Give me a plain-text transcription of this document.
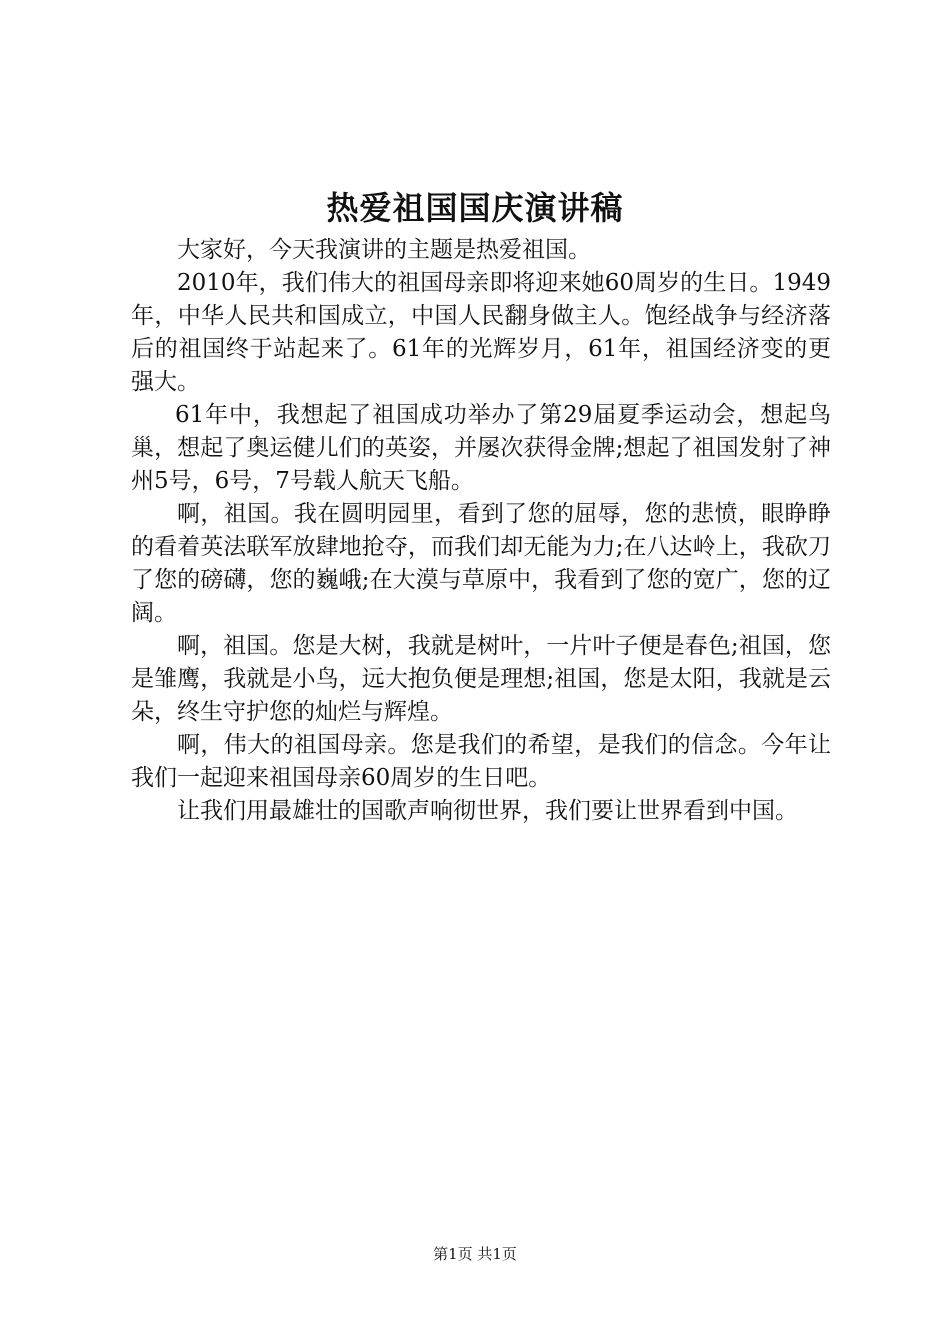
热爱祖国国庆演讲稿

大家好，今天我演讲的主题是热爱祖国。

2010年，我们伟大的祖国母亲即将迎来她60周岁的生日。1949年，中华人民共和国成立，中国人民翻身做主人。饱经战争与经济落后的祖国终于站起来了。61年的光辉岁月，61年，祖国经济变的更强大。

61年中，我想起了祖国成功举办了第29届夏季运动会，想起鸟巢，想起了奥运健儿们的英姿，并屡次获得金牌;想起了祖国发射了神州5号，6号，7号载人航天飞船。

啊，祖国。我在圆明园里，看到了您的屈辱，您的悲愤，眼睁睁的看着英法联军放肆地抢夺，而我们却无能为力;在八达岭上，我砍刀了您的磅礴，您的巍峨;在大漠与草原中，我看到了您的宽广，您的辽阔。

啊，祖国。您是大树，我就是树叶，一片叶子便是春色;祖国，您是雏鹰，我就是小鸟，远大抱负便是理想;祖国，您是太阳，我就是云朵，终生守护您的灿烂与辉煌。

啊，伟大的祖国母亲。您是我们的希望，是我们的信念。今年让我们一起迎来祖国母亲60周岁的生日吧。

让我们用最雄壮的国歌声响彻世界，我们要让世界看到中国。

第1页 共1页
